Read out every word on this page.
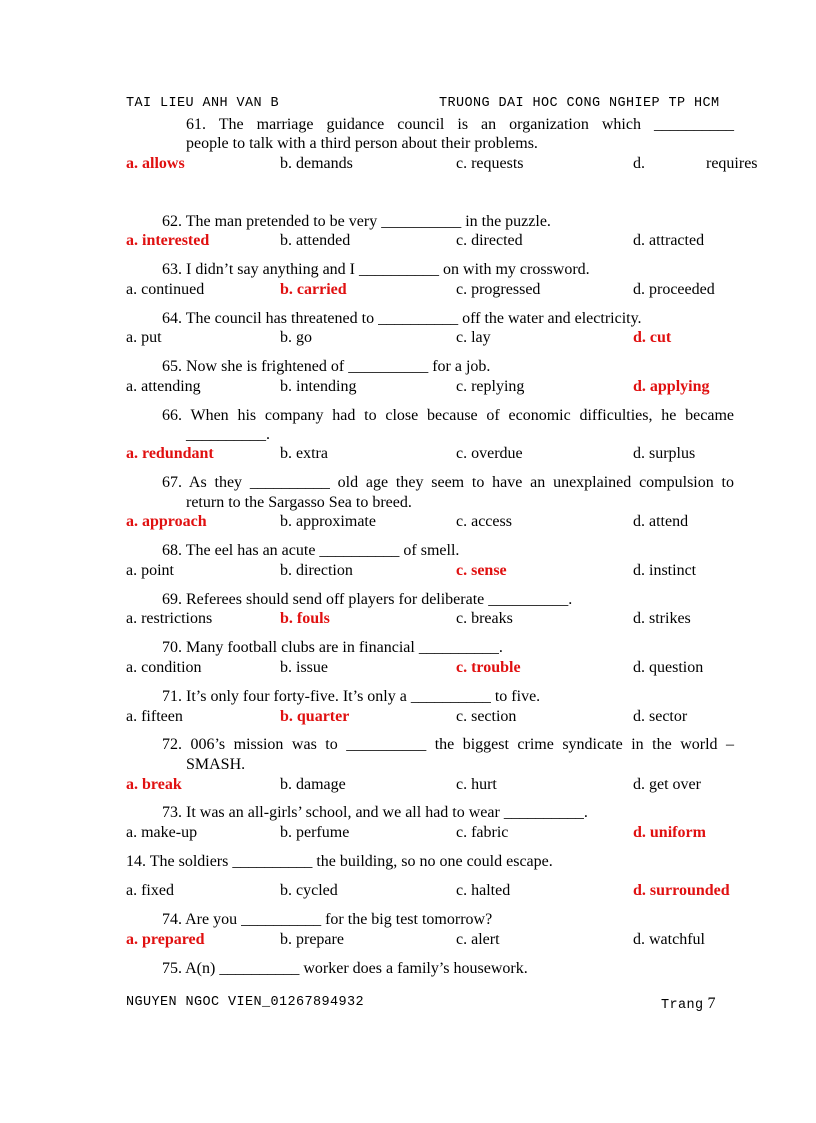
TAI LIEU ANH VAN B	TRUONG DAI HOC CONG NGHIEP TP HCM
61. The marriage guidance council is an organization which __________
people to talk with a third person about their problems.
a. allows	b. demands	c. requests	d.	requires
62. The man pretended to be very __________ in the puzzle.
a. interested	b. attended	c. directed	d. attracted
63. I didn’t say anything and I __________ on with my crossword.
a. continued	b. carried	c. progressed	d. proceeded
64. The council has threatened to __________ off the water and electricity.
a. put	b. go	c. lay	d. cut
65. Now she is frightened of __________ for a job.
a. attending	b. intending	c. replying	d. applying
66. When his company had to close because of economic difficulties, he became
__________.
a. redundant	b. extra	c. overdue	d. surplus
67. As they __________ old age they seem to have an unexplained compulsion to
return to the Sargasso Sea to breed.
a. approach	b. approximate	c. access	d. attend
68. The eel has an acute __________ of smell.
a. point	b. direction	c. sense	d. instinct
69. Referees should send off players for deliberate __________.
a. restrictions	b. fouls	c. breaks	d. strikes
70. Many football clubs are in financial __________.
a. condition	b. issue	c. trouble	d. question
71. It’s only four forty-five. It’s only a __________ to five.
a. fifteen	b. quarter	c. section	d. sector
72. 006’s mission was to __________ the biggest crime syndicate in the world –
SMASH.
a. break	b. damage	c. hurt	d. get over
73. It was an all-girls’ school, and we all had to wear __________.
a. make-up	b. perfume	c. fabric	d. uniform
14. The soldiers __________ the building, so no one could escape.
a. fixed	b. cycled	c. halted	d. surrounded
74. Are you __________ for the big test tomorrow?
a. prepared	b. prepare	c. alert	d. watchful
75. A(n) __________ worker does a family’s housework.
NGUYEN NGOC VIEN_01267894932	Trang 7
